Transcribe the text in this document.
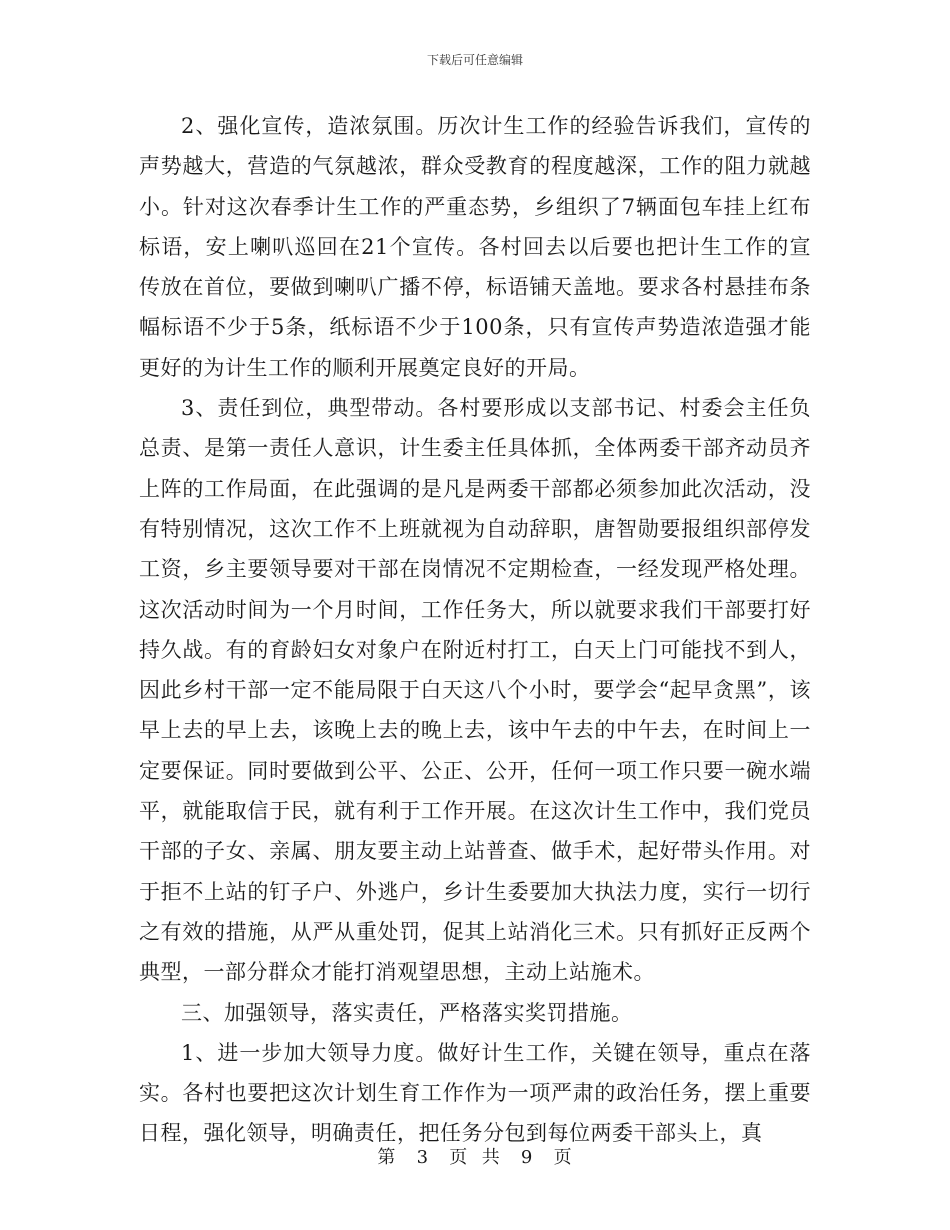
下载后可任意编辑

2、强化宣传，造浓氛围。历次计生工作的经验告诉我们，宣传的声势越大，营造的气氛越浓，群众受教育的程度越深，工作的阻力就越小。针对这次春季计生工作的严重态势，乡组织了7辆面包车挂上红布标语，安上喇叭巡回在21个宣传。各村回去以后要也把计生工作的宣传放在首位，要做到喇叭广播不停，标语铺天盖地。要求各村悬挂布条幅标语不少于5条，纸标语不少于100条，只有宣传声势造浓造强才能更好的为计生工作的顺利开展奠定良好的开局。

3、责任到位，典型带动。各村要形成以支部书记、村委会主任负总责、是第一责任人意识，计生委主任具体抓，全体两委干部齐动员齐上阵的工作局面，在此强调的是凡是两委干部都必须参加此次活动，没有特别情况，这次工作不上班就视为自动辞职，唐智勋要报组织部停发工资，乡主要领导要对干部在岗情况不定期检查，一经发现严格处理。这次活动时间为一个月时间，工作任务大，所以就要求我们干部要打好持久战。有的育龄妇女对象户在附近村打工，白天上门可能找不到人，因此乡村干部一定不能局限于白天这八个小时，要学会“起早贪黑”，该早上去的早上去，该晚上去的晚上去，该中午去的中午去，在时间上一定要保证。同时要做到公平、公正、公开，任何一项工作只要一碗水端平，就能取信于民，就有利于工作开展。在这次计生工作中，我们党员干部的子女、亲属、朋友要主动上站普查、做手术，起好带头作用。对于拒不上站的钉子户、外逃户，乡计生委要加大执法力度，实行一切行之有效的措施，从严从重处罚，促其上站消化三术。只有抓好正反两个典型，一部分群众才能打消观望思想，主动上站施术。

三、加强领导，落实责任，严格落实奖罚措施。

1、进一步加大领导力度。做好计生工作，关键在领导，重点在落实。各村也要把这次计划生育工作作为一项严肃的政治任务，摆上重要日程，强化领导，明确责任，把任务分包到每位两委干部头上，真

第 3 页  共 9 页
